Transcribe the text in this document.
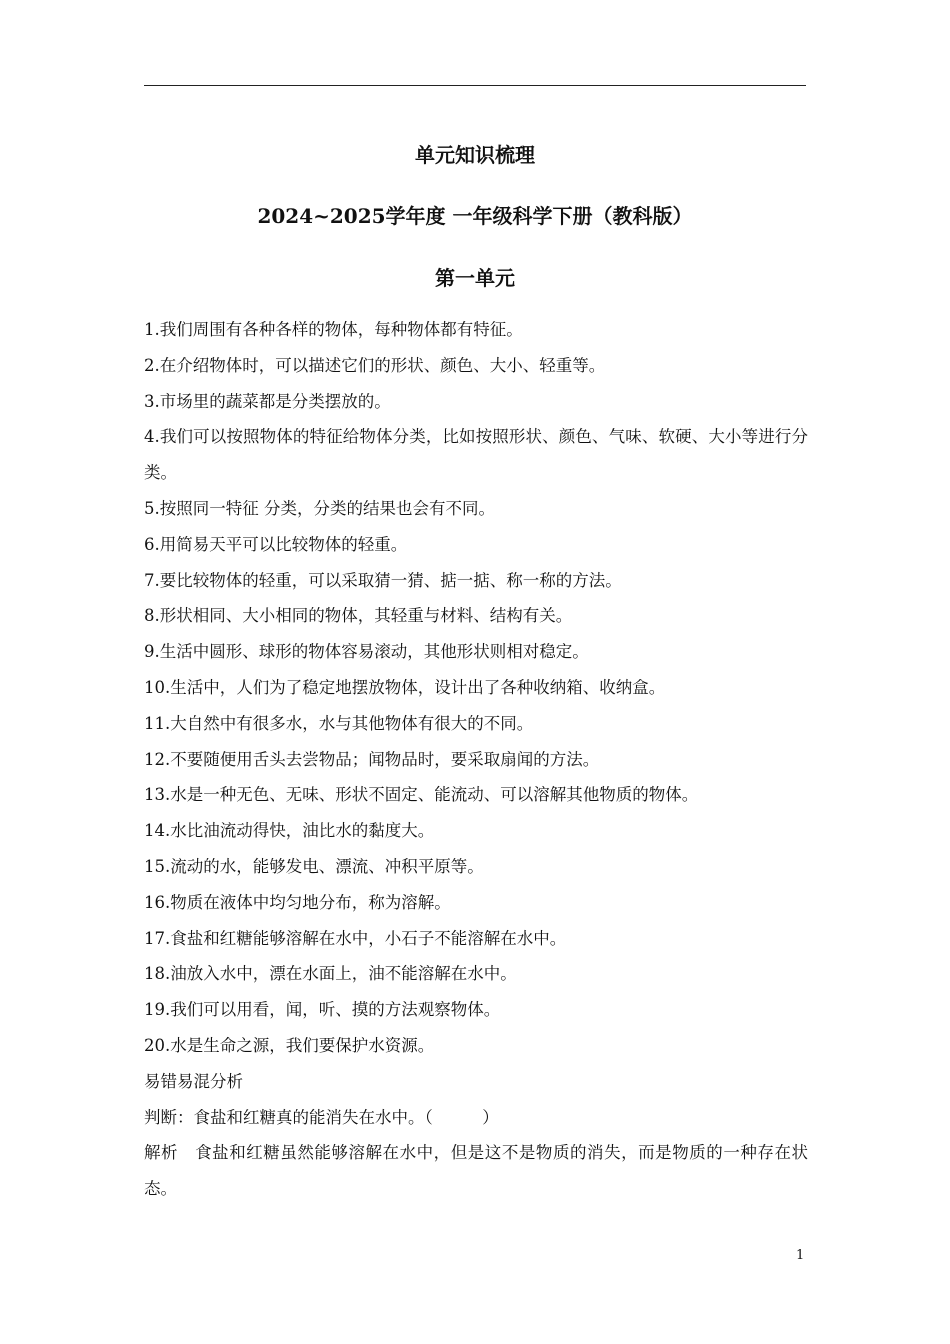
单元知识梳理
2024~2025学年度 一年级科学下册（教科版）
第一单元
1.我们周围有各种各样的物体，每种物体都有特征。
2.在介绍物体时，可以描述它们的形状、颜色、大小、轻重等。
3.市场里的蔬菜都是分类摆放的。
4.我们可以按照物体的特征给物体分类，比如按照形状、颜色、气味、软硬、大小等进行分类。
5.按照同一特征 分类，分类的结果也会有不同。
6.用简易天平可以比较物体的轻重。
7.要比较物体的轻重，可以采取猜一猜、掂一掂、称一称的方法。
8.形状相同、大小相同的物体，其轻重与材料、结构有关。
9.生活中圆形、球形的物体容易滚动，其他形状则相对稳定。
10.生活中，人们为了稳定地摆放物体，设计出了各种收纳箱、收纳盒。
11.大自然中有很多水，水与其他物体有很大的不同。
12.不要随便用舌头去尝物品；闻物品时，要采取扇闻的方法。
13.水是一种无色、无味、形状不固定、能流动、可以溶解其他物质的物体。
14.水比油流动得快，油比水的黏度大。
15.流动的水，能够发电、漂流、冲积平原等。
16.物质在液体中均匀地分布，称为溶解。
17.食盐和红糖能够溶解在水中，小石子不能溶解在水中。
18.油放入水中，漂在水面上，油不能溶解在水中。
19.我们可以用看，闻，听、摸的方法观察物体。
20.水是生命之源，我们要保护水资源。
易错易混分析
判断：食盐和红糖真的能消失在水中。（　　　）
解析　食盐和红糖虽然能够溶解在水中，但是这不是物质的消失，而是物质的一种存在状态。
1
